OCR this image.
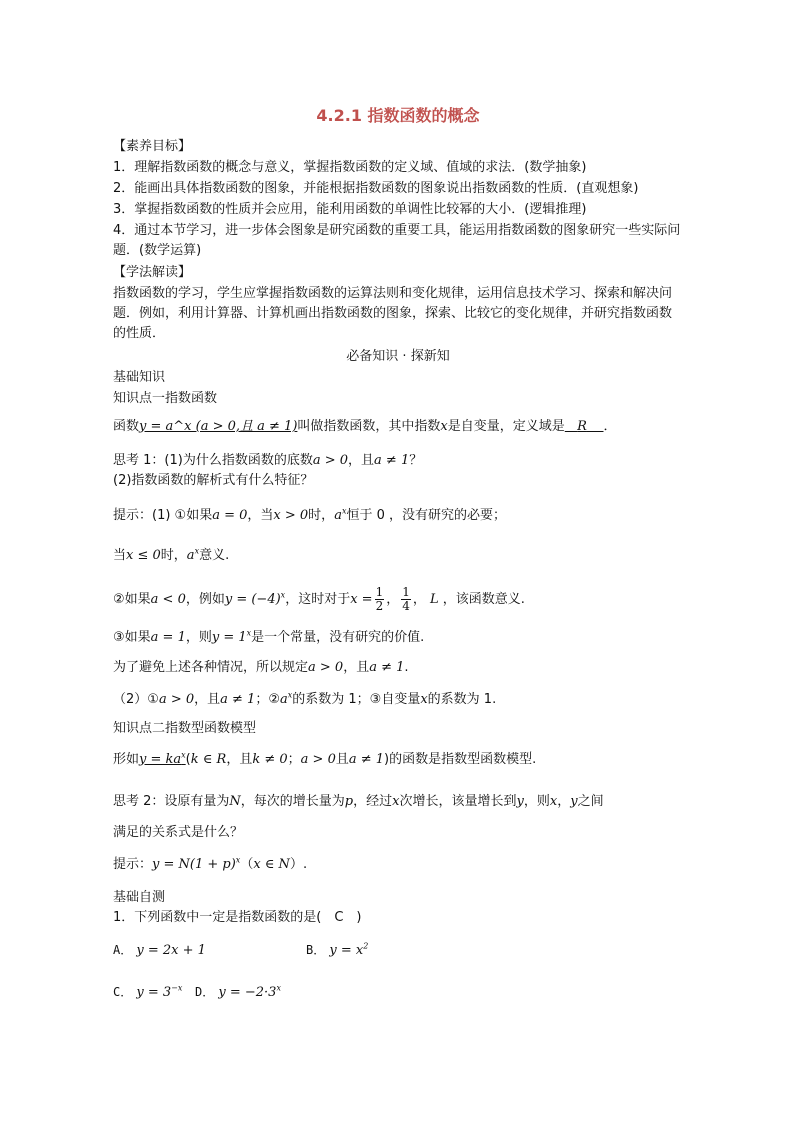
4.2.1 指数函数的概念
【素养目标】
1．理解指数函数的概念与意义，掌握指数函数的定义域、值域的求法．(数学抽象)
2．能画出具体指数函数的图象，并能根据指数函数的图象说出指数函数的性质．(直观想象)
3．掌握指数函数的性质并会应用，能利用函数的单调性比较幂的大小．(逻辑推理)
4．通过本节学习，进一步体会图象是研究函数的重要工具，能运用指数函数的图象研究一些实际问题．(数学运算)
【学法解读】
指数函数的学习，学生应掌握指数函数的运算法则和变化规律，运用信息技术学习、探索和解决问题．例如，利用计算器、计算机画出指数函数的图象，探索、比较它的变化规律，并研究指数函数的性质．
必备知识 · 探新知
基础知识
知识点一指数函数
函数y = a^x (a > 0,且 a ≠ 1)叫做指数函数，其中指数x是自变量，定义域是 R ．
思考 1：(1)为什么指数函数的底数a > 0，且a ≠ 1？
(2)指数函数的解析式有什么特征？
提示：(1) ①如果a = 0，当x > 0时，$a^x$恒于 0 ，没有研究的必要；
当x ≤ 0时，$a^x$意义.
②如果a < 0，例如$y = (-4)^x$，这时对于$x = \frac{1}{2}$ ， $\frac{1}{4}$ ， L ，该函数意义.
③如果a = 1，则$y = 1^x$是一个常量，没有研究的价值.
为了避免上述各种情况，所以规定a > 0，且a ≠ 1.
（2）①a > 0，且a ≠ 1；$②a^x$的系数为 1；③自变量x的系数为 1.
知识点二指数型函数模型
形如$y = ka^x(k$ ∈ R，且k ≠ 0；a > 0且a ≠ 1)的函数是指数型函数模型.
思考 2：设原有量为N，每次的增长量为p，经过x次增长，该量增长到y，则x，y之间
满足的关系式是什么？
提示：$y = N(1 + p)^x(x$ ∈ N）.
基础自测
1．下列函数中一定是指数函数的是(　C　)
A． y = 2x + 1	B． $y = x^2$
C． $y = 3^{-x}$ D． $y = -2\cdot 3^x$
